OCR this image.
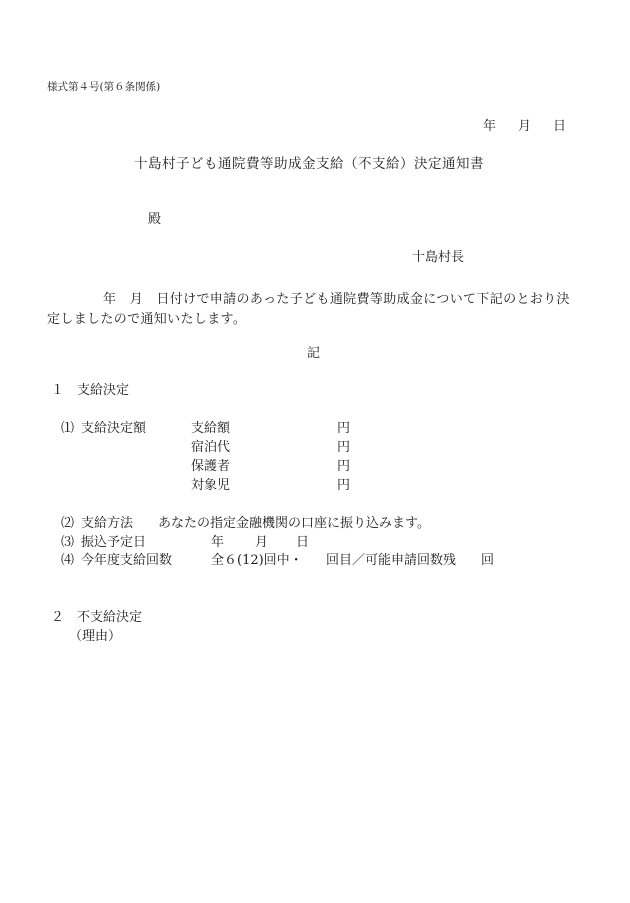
様式第４号(第６条関係)
年 月 日
十島村子ども通院費等助成金支給（不支給）決定通知書
殿
十島村長
年　月　日付けで申請のあった子ども通院費等助成金について下記のとおり決定しましたので通知いたします。
記
１ 支給決定
⑴ 支給決定額	支給額	円
宿泊代	円
保護者	円
対象児	円
⑵ 支給方法 あなたの指定金融機関の口座に振り込みます。
⑶ 振込予定日	年 月 日
⑷ 今年度支給回数	全６(12)回中・ 回目／可能申請回数残 回
２ 不支給決定
（理由）
